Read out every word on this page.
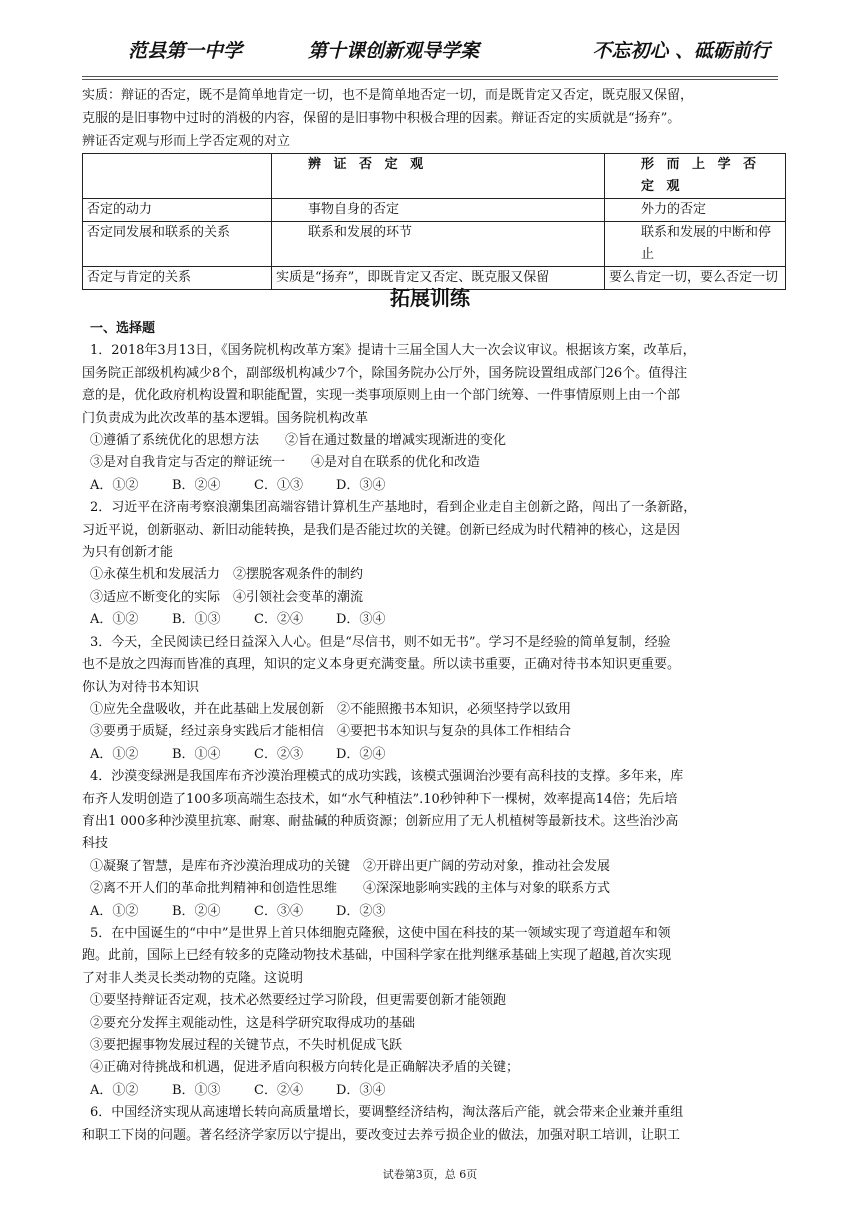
范县第一中学	第十课创新观导学案	不忘初心 、砥砺前行
实质：辩证的否定，既不是简单地肯定一切，也不是简单地否定一切，而是既肯定又否定，既克服又保留，
克服的是旧事物中过时的消极的内容，保留的是旧事物中积极合理的因素。辩证否定的实质就是“扬弃”。
辨证否定观与形而上学否定观的对立
	辨 证 否 定 观	形 而 上 学 否 定 观
否定的动力	事物自身的否定	外力的否定
否定同发展和联系的关系	联系和发展的环节	联系和发展的中断和停止
否定与肯定的关系	实质是“扬弃”，即既肯定又否定、既克服又保留	要么肯定一切，要么否定一切
拓展训练
一、选择题
1．2018年3月13日，《国务院机构改革方案》提请十三届全国人大一次会议审议。根据该方案，改革后，
国务院正部级机构减少8个，副部级机构减少7个，除国务院办公厅外，国务院设置组成部门26个。值得注
意的是，优化政府机构设置和职能配置，实现一类事项原则上由一个部门统筹、一件事情原则上由一个部
门负责成为此次改革的基本逻辑。国务院机构改革
①遵循了系统优化的思想方法　　②旨在通过数量的增减实现渐进的变化
③是对自我肯定与否定的辩证统一　　④是对自在联系的优化和改造
A．①②	B．②④	C．①③	D．③④
2．习近平在济南考察浪潮集团高端容错计算机生产基地时，看到企业走自主创新之路，闯出了一条新路，
习近平说，创新驱动、新旧动能转换，是我们是否能过坎的关键。创新已经成为时代精神的核心，这是因
为只有创新才能
①永葆生机和发展活力　②摆脱客观条件的制约
③适应不断变化的实际　④引领社会变革的潮流
A．①②	B．①③	C．②④	D．③④
3．今天，全民阅读已经日益深入人心。但是“尽信书，则不如无书”。学习不是经验的简单复制，经验
也不是放之四海而皆准的真理，知识的定义本身更充满变量。所以读书重要，正确对待书本知识更重要。
你认为对待书本知识
①应先全盘吸收，并在此基础上发展创新　②不能照搬书本知识，必须坚持学以致用
③要勇于质疑，经过亲身实践后才能相信　④要把书本知识与复杂的具体工作相结合
A．①②	B．①④	C．②③	D．②④
4．沙漠变绿洲是我国库布齐沙漠治理模式的成功实践，该模式强调治沙要有高科技的支撑。多年来，库
布齐人发明创造了100多项高端生态技术，如“水气种植法”.10秒钟种下一棵树，效率提高14倍；先后培
育出1 000多种沙漠里抗寒、耐寒、耐盐碱的种质资源；创新应用了无人机植树等最新技术。这些治沙高
科技
①凝聚了智慧，是库布齐沙漠治理成功的关键　②开辟出更广阔的劳动对象，推动社会发展
②离不开人们的革命批判精神和创造性思维　　④深深地影响实践的主体与对象的联系方式
A．①②	B．②④	C．③④	D．②③
5．在中国诞生的“中中”是世界上首只体细胞克隆猴，这使中国在科技的某一领域实现了弯道超车和领
跑。此前，国际上已经有较多的克隆动物技术基础，中国科学家在批判继承基础上实现了超越,首次实现
了对非人类灵长类动物的克隆。这说明
①要坚持辩证否定观，技术必然要经过学习阶段，但更需要创新才能领跑
②要充分发挥主观能动性，这是科学研究取得成功的基础
③要把握事物发展过程的关键节点，不失时机促成飞跃
④正确对待挑战和机遇，促进矛盾向积极方向转化是正确解决矛盾的关键；
A．①②	B．①③	C．②④	D．③④
6．中国经济实现从高速增长转向高质量增长，要调整经济结构，淘汰落后产能，就会带来企业兼并重组
和职工下岗的问题。著名经济学家厉以宁提出，要改变过去养亏损企业的做法，加强对职工培训，让职工
试卷第3页，总 6页
